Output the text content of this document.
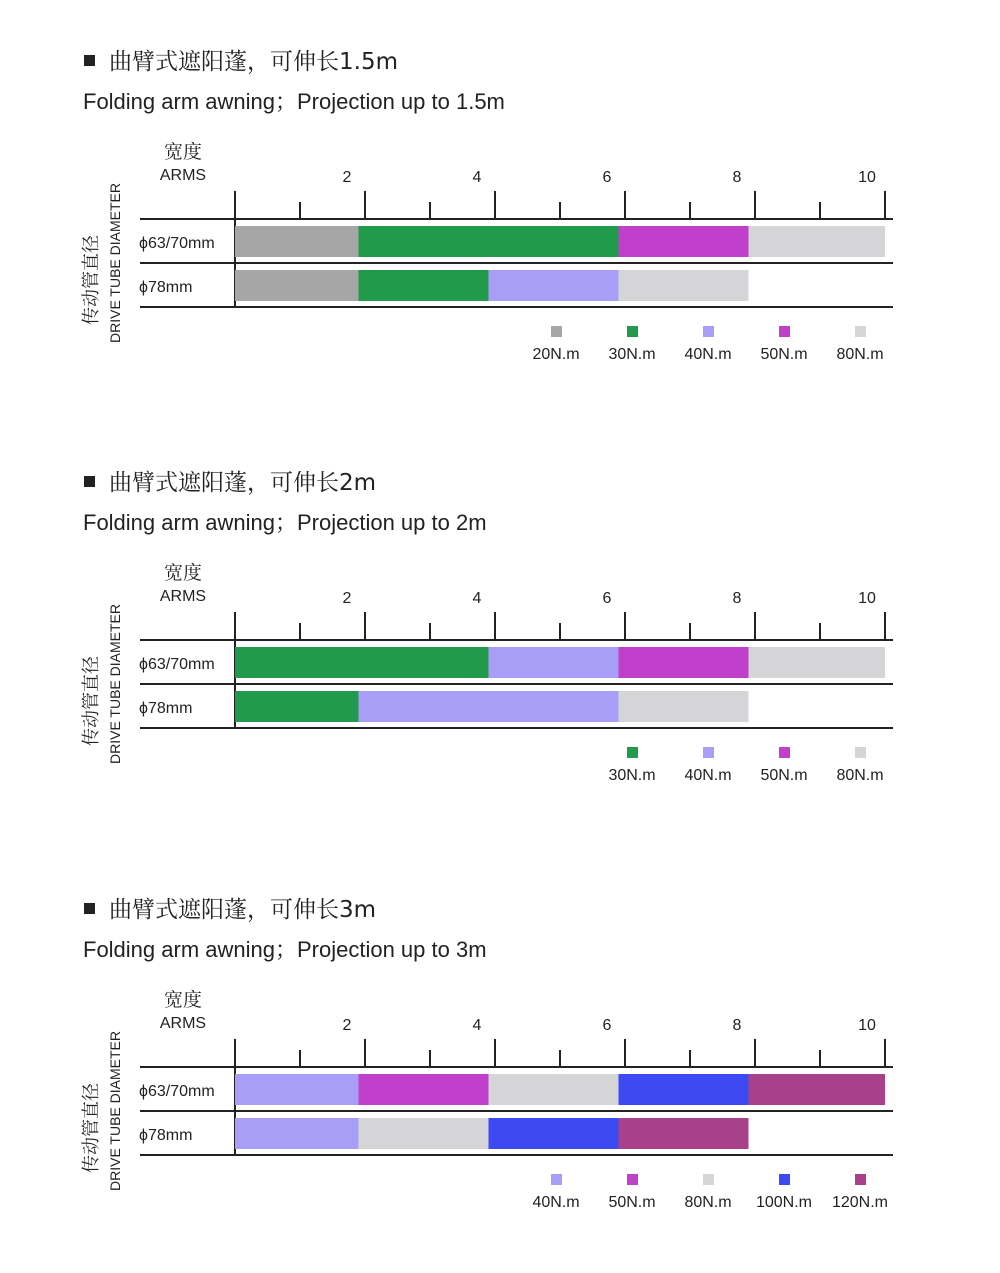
曲臂式遮阳蓬，可伸长1.5m
Folding arm awning；Projection up to 1.5m
宽度
ARMS
传动管直径 DRIVE TUBE DIAMETER
2	4	6	8	10
ϕ63/70mm
ϕ78mm
20N.m 30N.m 40N.m 50N.m 80N.m
曲臂式遮阳蓬，可伸长2m
Folding arm awning；Projection up to 2m
宽度
ARMS
传动管直径 DRIVE TUBE DIAMETER
2	4	6	8	10
ϕ63/70mm
ϕ78mm
30N.m 40N.m 50N.m 80N.m
曲臂式遮阳蓬，可伸长3m
Folding arm awning；Projection up to 3m
宽度
ARMS
传动管直径 DRIVE TUBE DIAMETER
2	4	6	8	10
ϕ63/70mm
ϕ78mm
40N.m 50N.m 80N.m 100N.m 120N.m
